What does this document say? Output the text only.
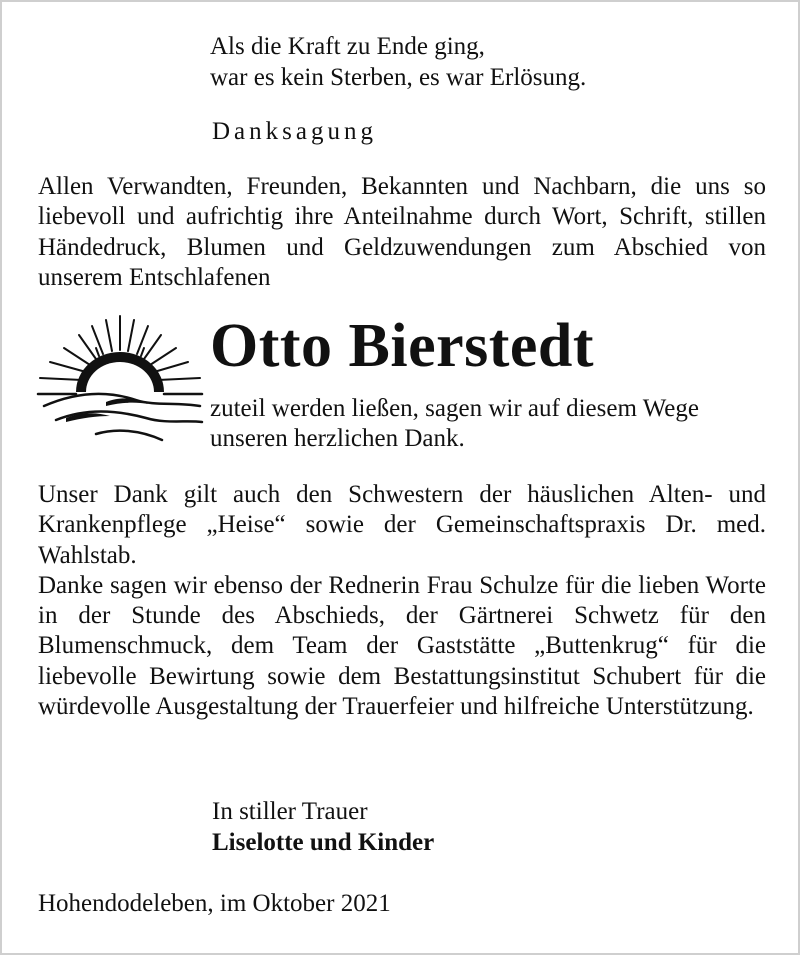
Als die Kraft zu Ende ging,
war es kein Sterben, es war Erlösung.
Danksagung

Allen Verwandten, Freunden, Bekannten und Nachbarn, die uns so liebevoll und aufrichtig ihre Anteilnahme durch Wort, Schrift, stillen Händedruck, Blumen und Geldzuwendungen zum Abschied von unserem Entschlafenen

Otto Bierstedt
zuteil werden ließen, sagen wir auf diesem Wege
unseren herzlichen Dank.

Unser Dank gilt auch den Schwestern der häuslichen Alten- und Krankenpflege „Heise“ sowie der Gemeinschaftspraxis Dr. med. Wahlstab.

Danke sagen wir ebenso der Rednerin Frau Schulze für die lieben Worte in der Stunde des Abschieds, der Gärtnerei Schwetz für den Blumenschmuck, dem Team der Gaststätte „Buttenkrug“ für die liebevolle Bewirtung sowie dem Bestattungsinstitut Schubert für die würdevolle Ausgestaltung der Trauerfeier und hilfreiche Unterstützung.

In stiller Trauer
Liselotte und Kinder
Hohendodeleben, im Oktober 2021
